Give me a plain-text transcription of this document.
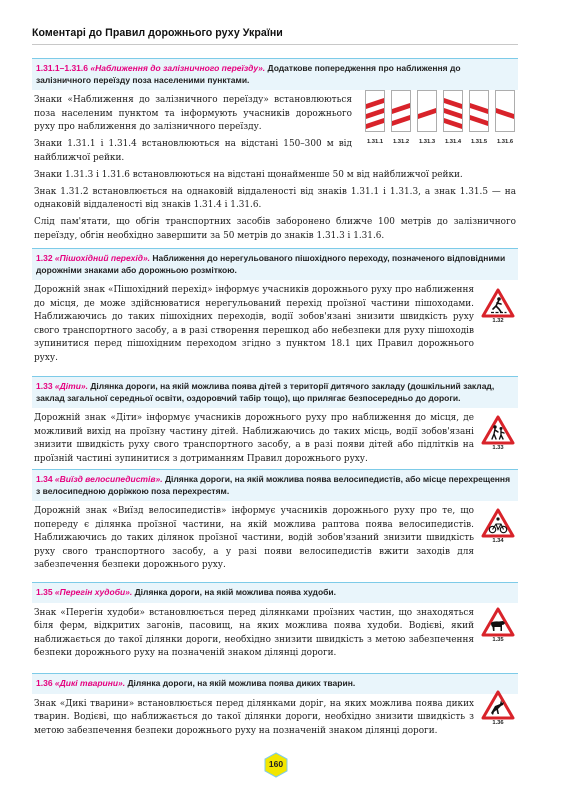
Коментарі до Правил дорожнього руху України
1.31.1–1.31.6 «Наближення до залізничного переїзду». Додаткове попередження про наближення до залізничного переїзду поза населеними пунктами.

Знаки «Наближення до залізничного переїзду» встановлюються поза населеним пунктом та інформують учасників дорожнього руху про наближення до залізничного переїзду.

Знаки 1.31.1 і 1.31.4 встановлюються на відстані 150–300 м від найближчої рейки.

Знаки 1.31.3 і 1.31.6 встановлюються на відстані щонайменше 50 м від найближчої рейки.

Знак 1.31.2 встановлюється на однаковій віддаленості від знаків 1.31.1 і 1.31.3, а знак 1.31.5 — на однаковій віддаленості від знаків 1.31.4 і 1.31.6.

Слід пам'ятати, що обгін транспортних засобів заборонено ближче 100 метрів до залізничного переїзду, обгін необхідно завершити за 50 метрів до знаків 1.31.3 і 1.31.6.

1.31.1	1.31.2	1.31.3	1.31.4	1.31.5	1.31.6
1.32 «Пішохідний перехід». Наближення до нерегульованого пішохідного переходу, позначеного відповідними дорожніми знаками або дорожньою розміткою.

Дорожній знак «Пішохідний перехід» інформує учасників дорожнього руху про наближення до місця, де може здійснюватися нерегульований перехід проїзної частини пішоходами. Наближаючись до таких пішохідних переходів, водії зобов'язані знизити швидкість руху свого транспортного засобу, а в разі створення перешкод або небезпеки для руху пішоходів зупинитися перед пішохідним переходом згідно з пунктом 18.1 цих Правил дорожнього руху.

1.32
1.33 «Діти». Ділянка дороги, на якій можлива поява дітей з території дитячого закладу (дошкільний заклад, заклад загальної середньої освіти, оздоровчий табір тощо), що прилягає безпосередньо до дороги.

Дорожній знак «Діти» інформує учасників дорожнього руху про наближення до місця, де можливий вихід на проїзну частину дітей. Наближаючись до таких місць, водії зобов'язані знизити швидкість руху свого транспортного засобу, а в разі появи дітей або підлітків на проїзній частині зупинитися з дотриманням Правил дорожнього руху.

1.33
1.34 «Виїзд велосипедистів». Ділянка дороги, на якій можлива поява велосипедистів, або місце перехрещення з велосипедною доріжкою поза перехрестям.

Дорожній знак «Виїзд велосипедистів» інформує учасників дорожнього руху про те, що попереду є ділянка проїзної частини, на якій можлива раптова поява велосипедистів. Наближаючись до таких ділянок проїзної частини, водій зобов'язаний знизити швидкість руху свого транспортного засобу, а у разі появи велосипедистів вжити заходів для забезпечення безпеки дорожнього руху.

1.34
1.35 «Перегін худоби». Ділянка дороги, на якій можлива поява худоби.

Знак «Перегін худоби» встановлюється перед ділянками проїзних частин, що знаходяться біля ферм, відкритих загонів, пасовищ, на яких можлива поява худоби. Водієві, який наближається до такої ділянки дороги, необхідно знизити швидкість з метою забезпечення безпеки дорожнього руху на позначеній знаком ділянці дороги.

1.35
1.36 «Дикі тварини». Ділянка дороги, на якій можлива поява диких тварин.

Знак «Дикі тварини» встановлюється перед ділянками доріг, на яких можлива поява диких тварин. Водієві, що наближається до такої ділянки дороги, необхідно знизити швидкість з метою забезпечення безпеки дорожнього руху на позначеній знаком ділянці дороги.

1.36
160
